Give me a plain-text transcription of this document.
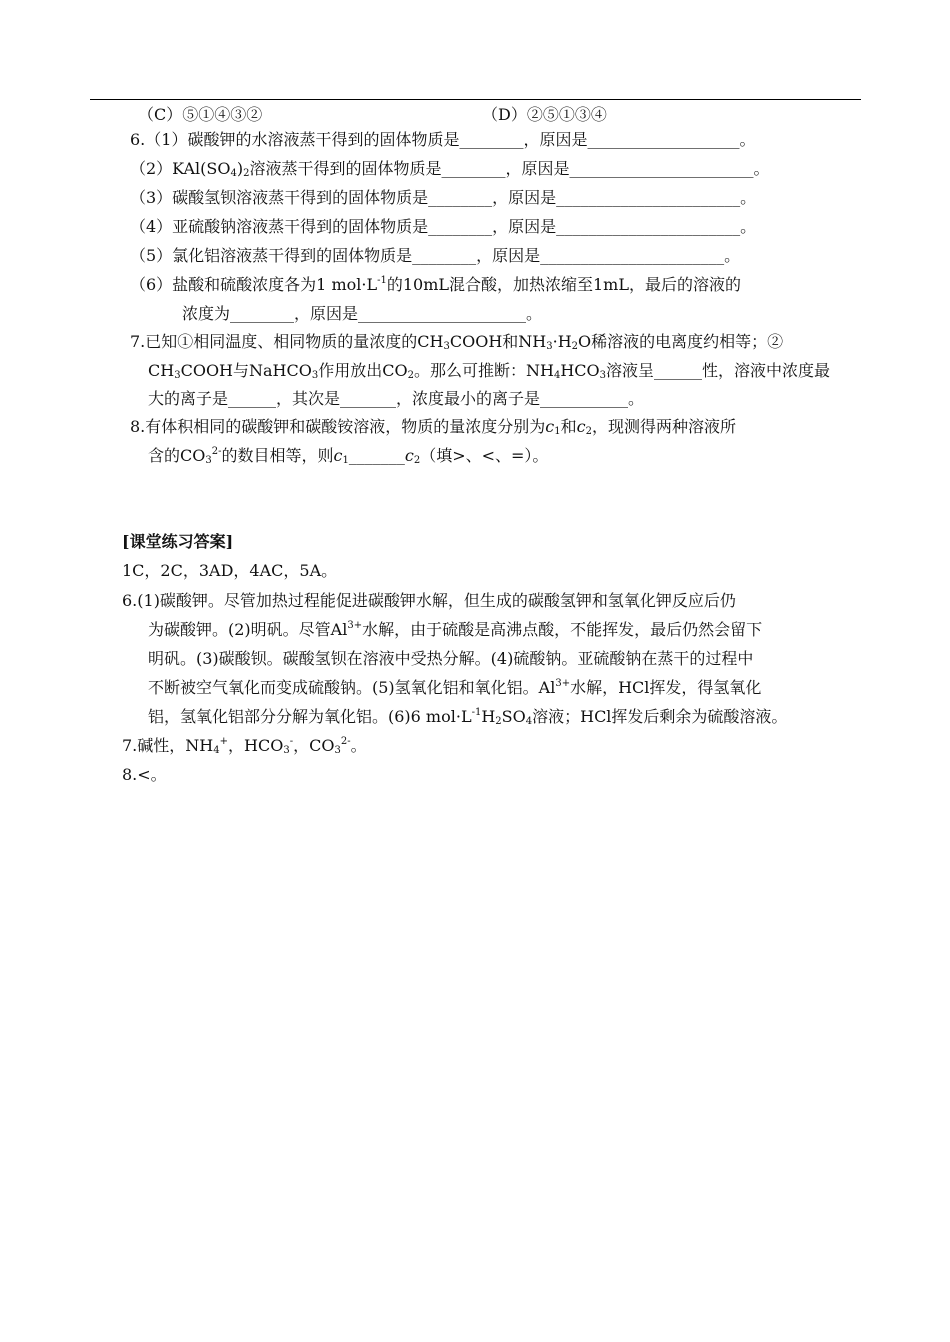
（C）⑤①④③②	（D）②⑤①③④
6.（1）碳酸钾的水溶液蒸干得到的固体物质是________，原因是___________________。
$(2)KAl(SO_4)_2$溶液蒸干得到的固体物质是________，原因是_______________________。
（3）碳酸氢钡溶液蒸干得到的固体物质是________，原因是_______________________。
（4）亚硫酸钠溶液蒸干得到的固体物质是________，原因是_______________________。
（5）氯化铝溶液蒸干得到的固体物质是________，原因是_______________________。
（6）盐酸和硫酸浓度各为1 $mol\cdot L^{-1}$的10mL混合酸，加热浓缩至1mL，最后的溶液的
浓度为________，原因是_____________________。
7.已知①相同温度、相同物质的量浓度的$CH_3COOH$和$NH_3\cdot H_2O$稀溶液的电离度约相等；②
$CH_3COOH$与NaHCO$_3$作用放出$CO_2$。那么可推断：$NH_4HCO_3$溶液呈______性，溶液中浓度最
大的离子是______，其次是_______，浓度最小的离子是___________。
8.有体积相同的碳酸钾和碳酸铵溶液，物质的量浓度分别为$c_1$和$c_2$，现测得两种溶液所
含的$CO_3^{2-}$的数目相等，则$c_1\_\_\_\_\_\_\_c_2$（填>、<、=）。
[课堂练习答案]
1C，2C，3AD，4AC，5A。
6.(1)碳酸钾。尽管加热过程能促进碳酸钾水解，但生成的碳酸氢钾和氢氧化钾反应后仍
为碳酸钾。(2)明矾。尽管$Al^{3+}$水解，由于硫酸是高沸点酸，不能挥发，最后仍然会留下
明矾。(3)碳酸钡。碳酸氢钡在溶液中受热分解。(4)硫酸钠。亚硫酸钠在蒸干的过程中
不断被空气氧化而变成硫酸钠。(5)氢氧化铝和氧化铝。$Al^{3+}$水解，HCl挥发，得氢氧化
铝，氢氧化铝部分分解为氧化铝。(6)6 $mol\cdot L^{-1}H_2SO_4$溶液；HCl挥发后剩余为硫酸溶液。
7.碱性，$NH_4^+$，$HCO_3^-$，$CO_3^{2-}$。
8.<。
